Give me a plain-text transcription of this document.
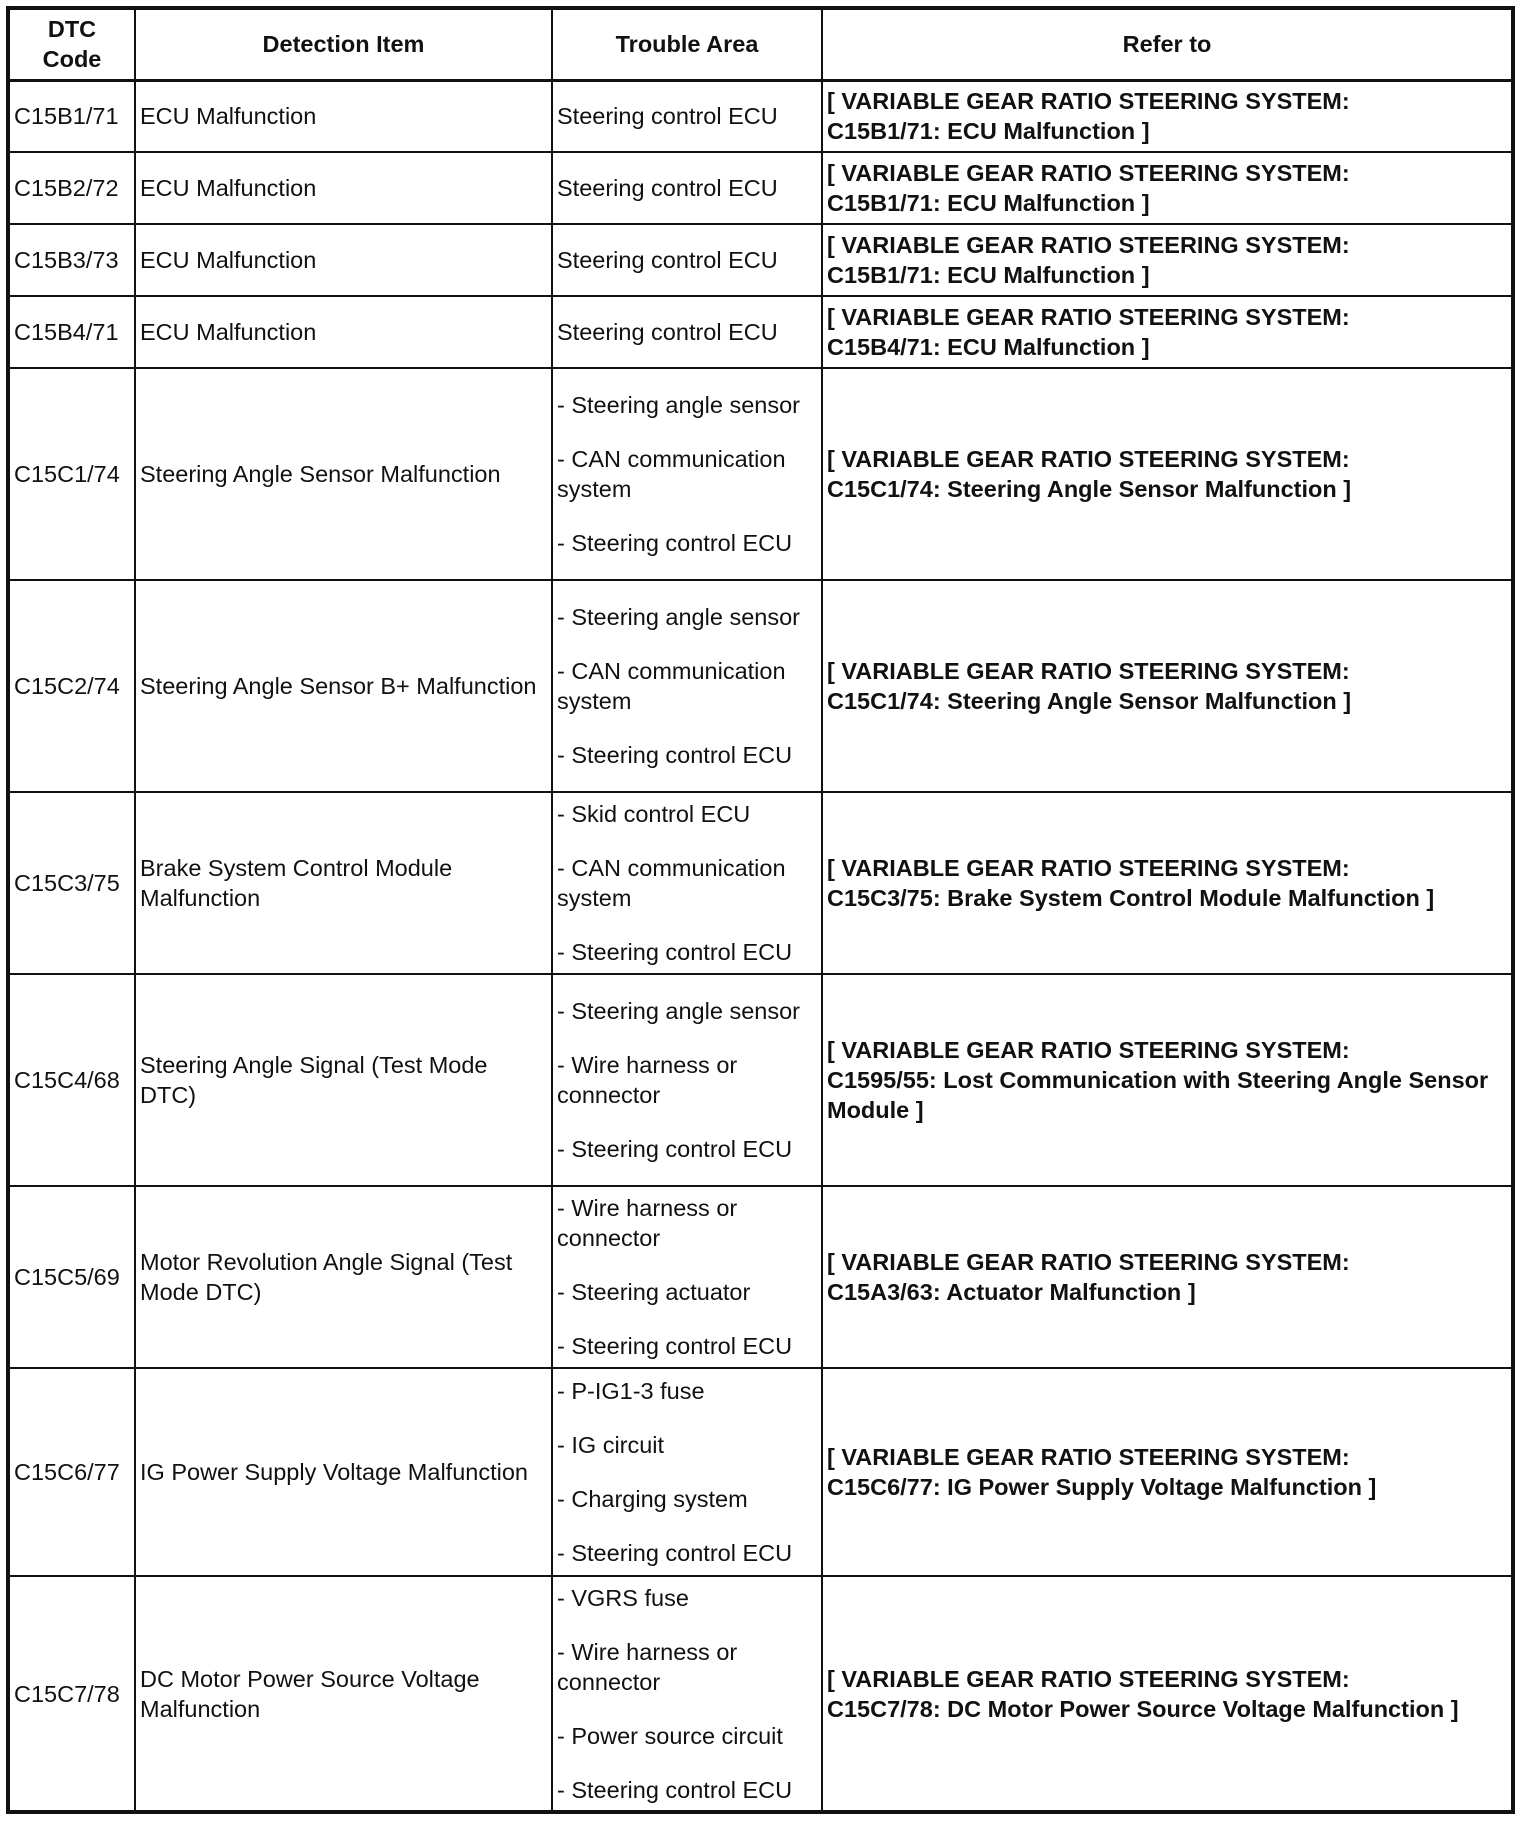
DTC
Code	Detection Item	Trouble Area	Refer to
C15B1/71	ECU Malfunction	Steering control ECU	[ VARIABLE GEAR RATIO STEERING SYSTEM:
C15B1/71: ECU Malfunction ]

C15B2/72	ECU Malfunction	Steering control ECU	[ VARIABLE GEAR RATIO STEERING SYSTEM:
C15B1/71: ECU Malfunction ]

C15B3/73	ECU Malfunction	Steering control ECU	[ VARIABLE GEAR RATIO STEERING SYSTEM:
C15B1/71: ECU Malfunction ]

C15B4/71	ECU Malfunction	Steering control ECU	[ VARIABLE GEAR RATIO STEERING SYSTEM:
C15B4/71: ECU Malfunction ]

C15C1/74	Steering Angle Sensor Malfunction	- Steering angle sensor
- CAN communication system
- Steering control ECU	[ VARIABLE GEAR RATIO STEERING SYSTEM:
C15C1/74: Steering Angle Sensor Malfunction ]

C15C2/74	Steering Angle Sensor B+ Malfunction	- Steering angle sensor
- CAN communication system
- Steering control ECU	[ VARIABLE GEAR RATIO STEERING SYSTEM:
C15C1/74: Steering Angle Sensor Malfunction ]

C15C3/75	Brake System Control Module Malfunction	- Skid control ECU
- CAN communication system
- Steering control ECU	[ VARIABLE GEAR RATIO STEERING SYSTEM:
C15C3/75: Brake System Control Module Malfunction ]

C15C4/68	Steering Angle Signal (Test Mode DTC)	- Steering angle sensor
- Wire harness or connector
- Steering control ECU	[ VARIABLE GEAR RATIO STEERING SYSTEM:
C1595/55: Lost Communication with Steering Angle Sensor Module ]

C15C5/69	Motor Revolution Angle Signal (Test Mode DTC)	- Wire harness or connector
- Steering actuator
- Steering control ECU	[ VARIABLE GEAR RATIO STEERING SYSTEM:
C15A3/63: Actuator Malfunction ]

C15C6/77	IG Power Supply Voltage Malfunction	- P-IG1-3 fuse
- IG circuit
- Charging system
- Steering control ECU	[ VARIABLE GEAR RATIO STEERING SYSTEM:
C15C6/77: IG Power Supply Voltage Malfunction ]

C15C7/78	DC Motor Power Source Voltage Malfunction	- VGRS fuse
- Wire harness or connector
- Power source circuit
- Steering control ECU	[ VARIABLE GEAR RATIO STEERING SYSTEM:
C15C7/78: DC Motor Power Source Voltage Malfunction ]
